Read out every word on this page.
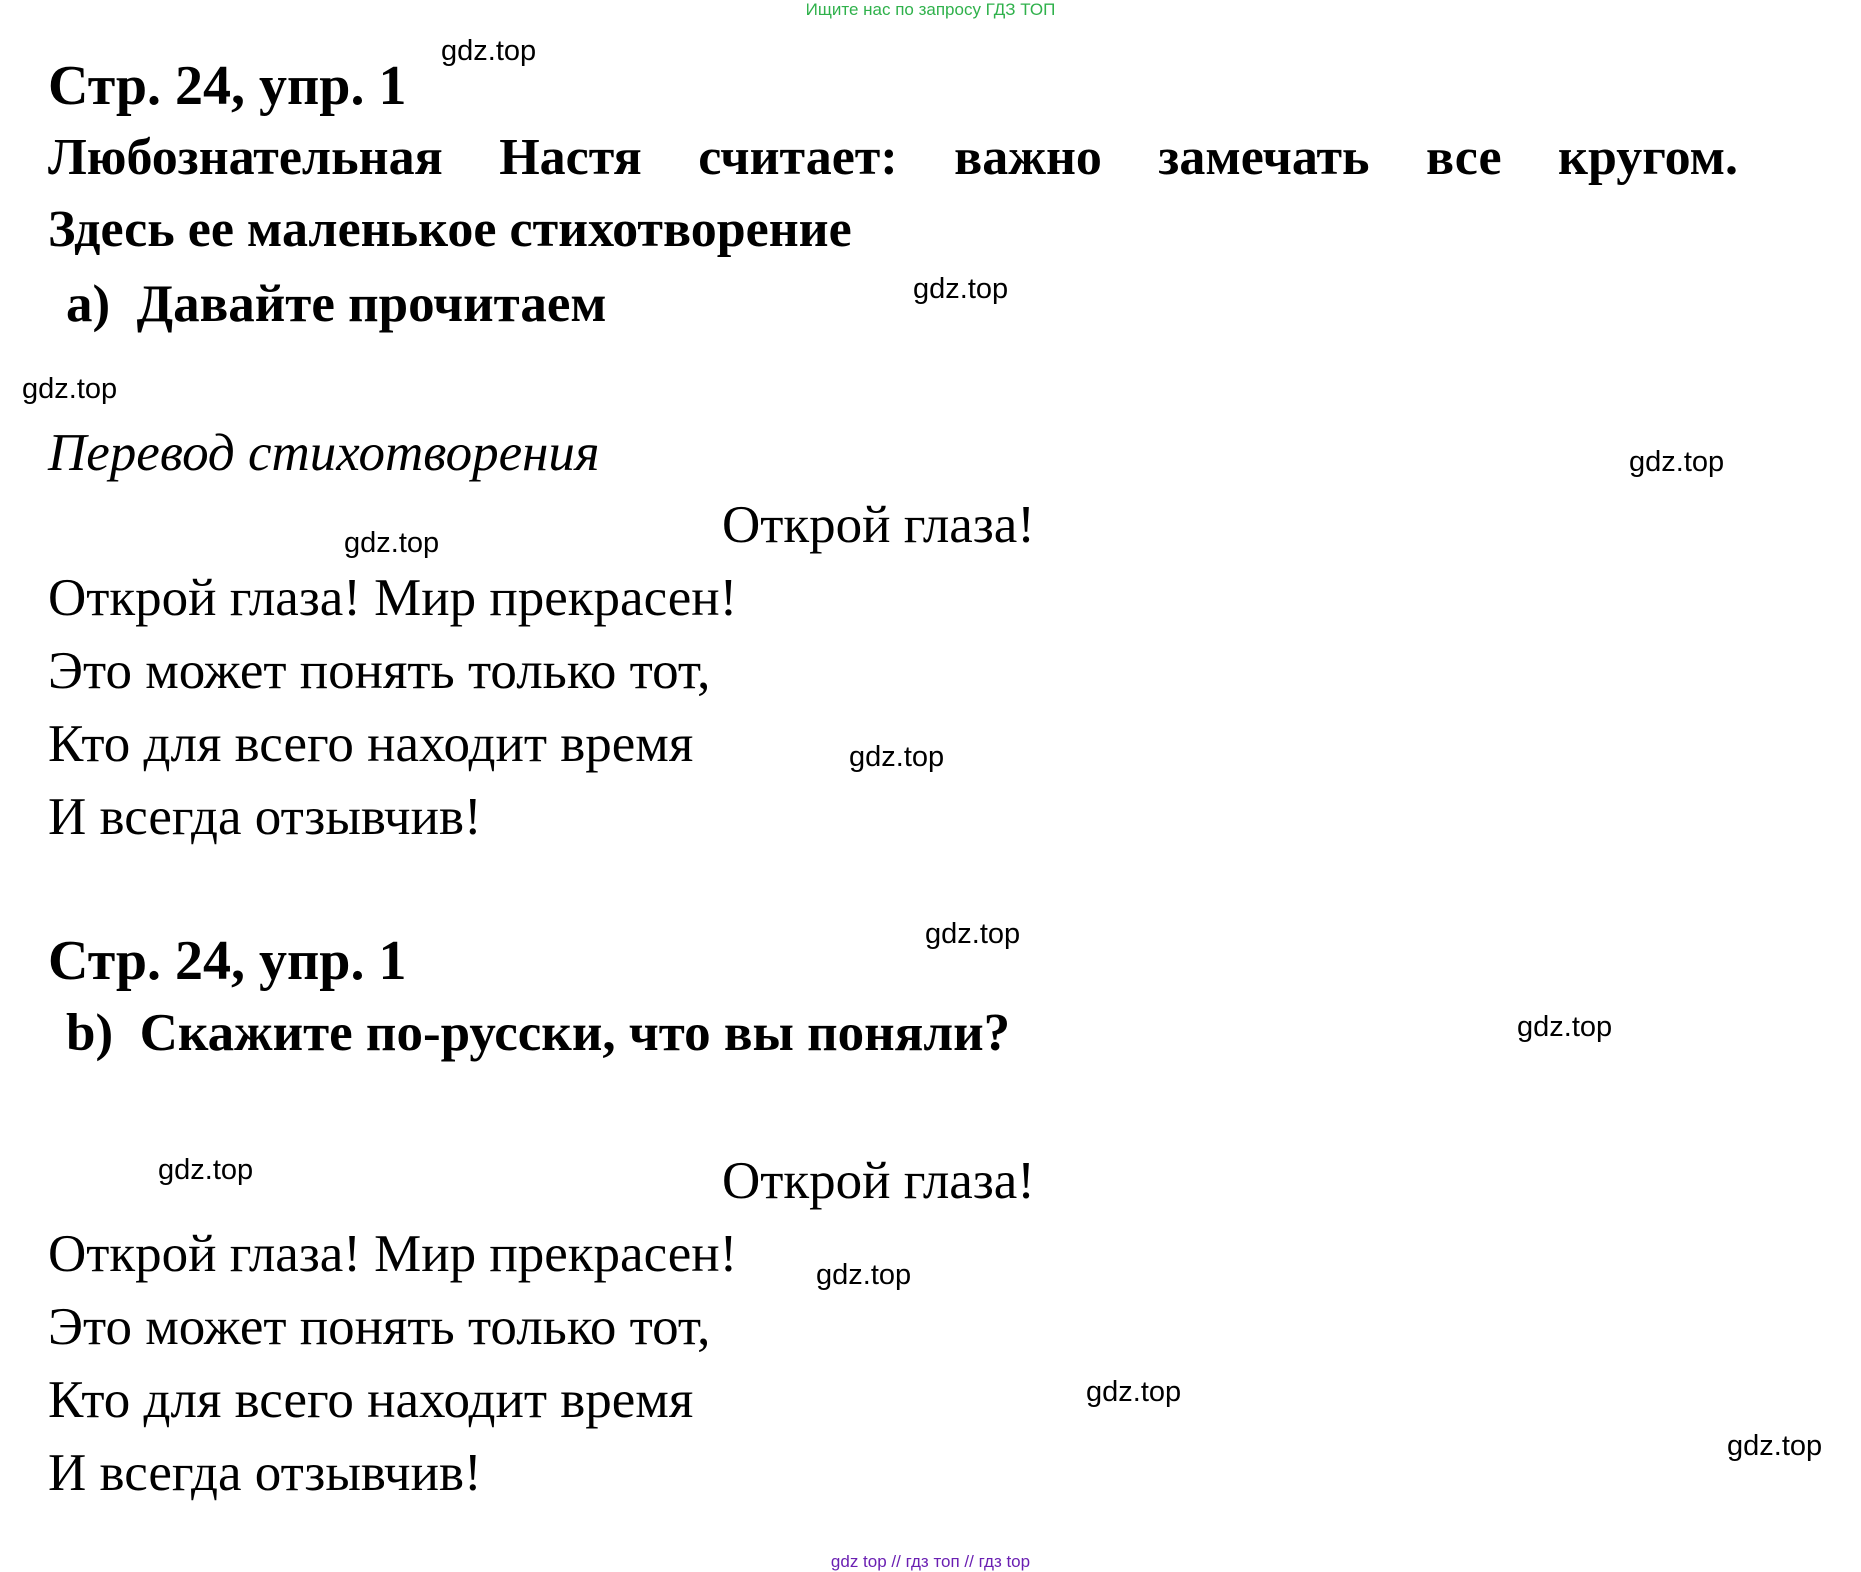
Ищите нас по запросу ГДЗ ТОП
gdz top // гдз топ // гдз top
Стр. 24, упр. 1
Любознательная Настя считает: важно замечать все кругом.
Здесь ее маленькое стихотворение
a) Давайте прочитаем
Перевод стихотворения
Открой глаза!
Открой глаза! Мир прекрасен!
Это может понять только тот,
Кто для всего находит время
И всегда отзывчив!
Стр. 24, упр. 1
b) Скажите по-русски, что вы поняли?
Открой глаза!
Открой глаза! Мир прекрасен!
Это может понять только тот,
Кто для всего находит время
И всегда отзывчив!
gdz.top
gdz.top
gdz.top
gdz.top
gdz.top
gdz.top
gdz.top
gdz.top
gdz.top
gdz.top
gdz.top
gdz.top
